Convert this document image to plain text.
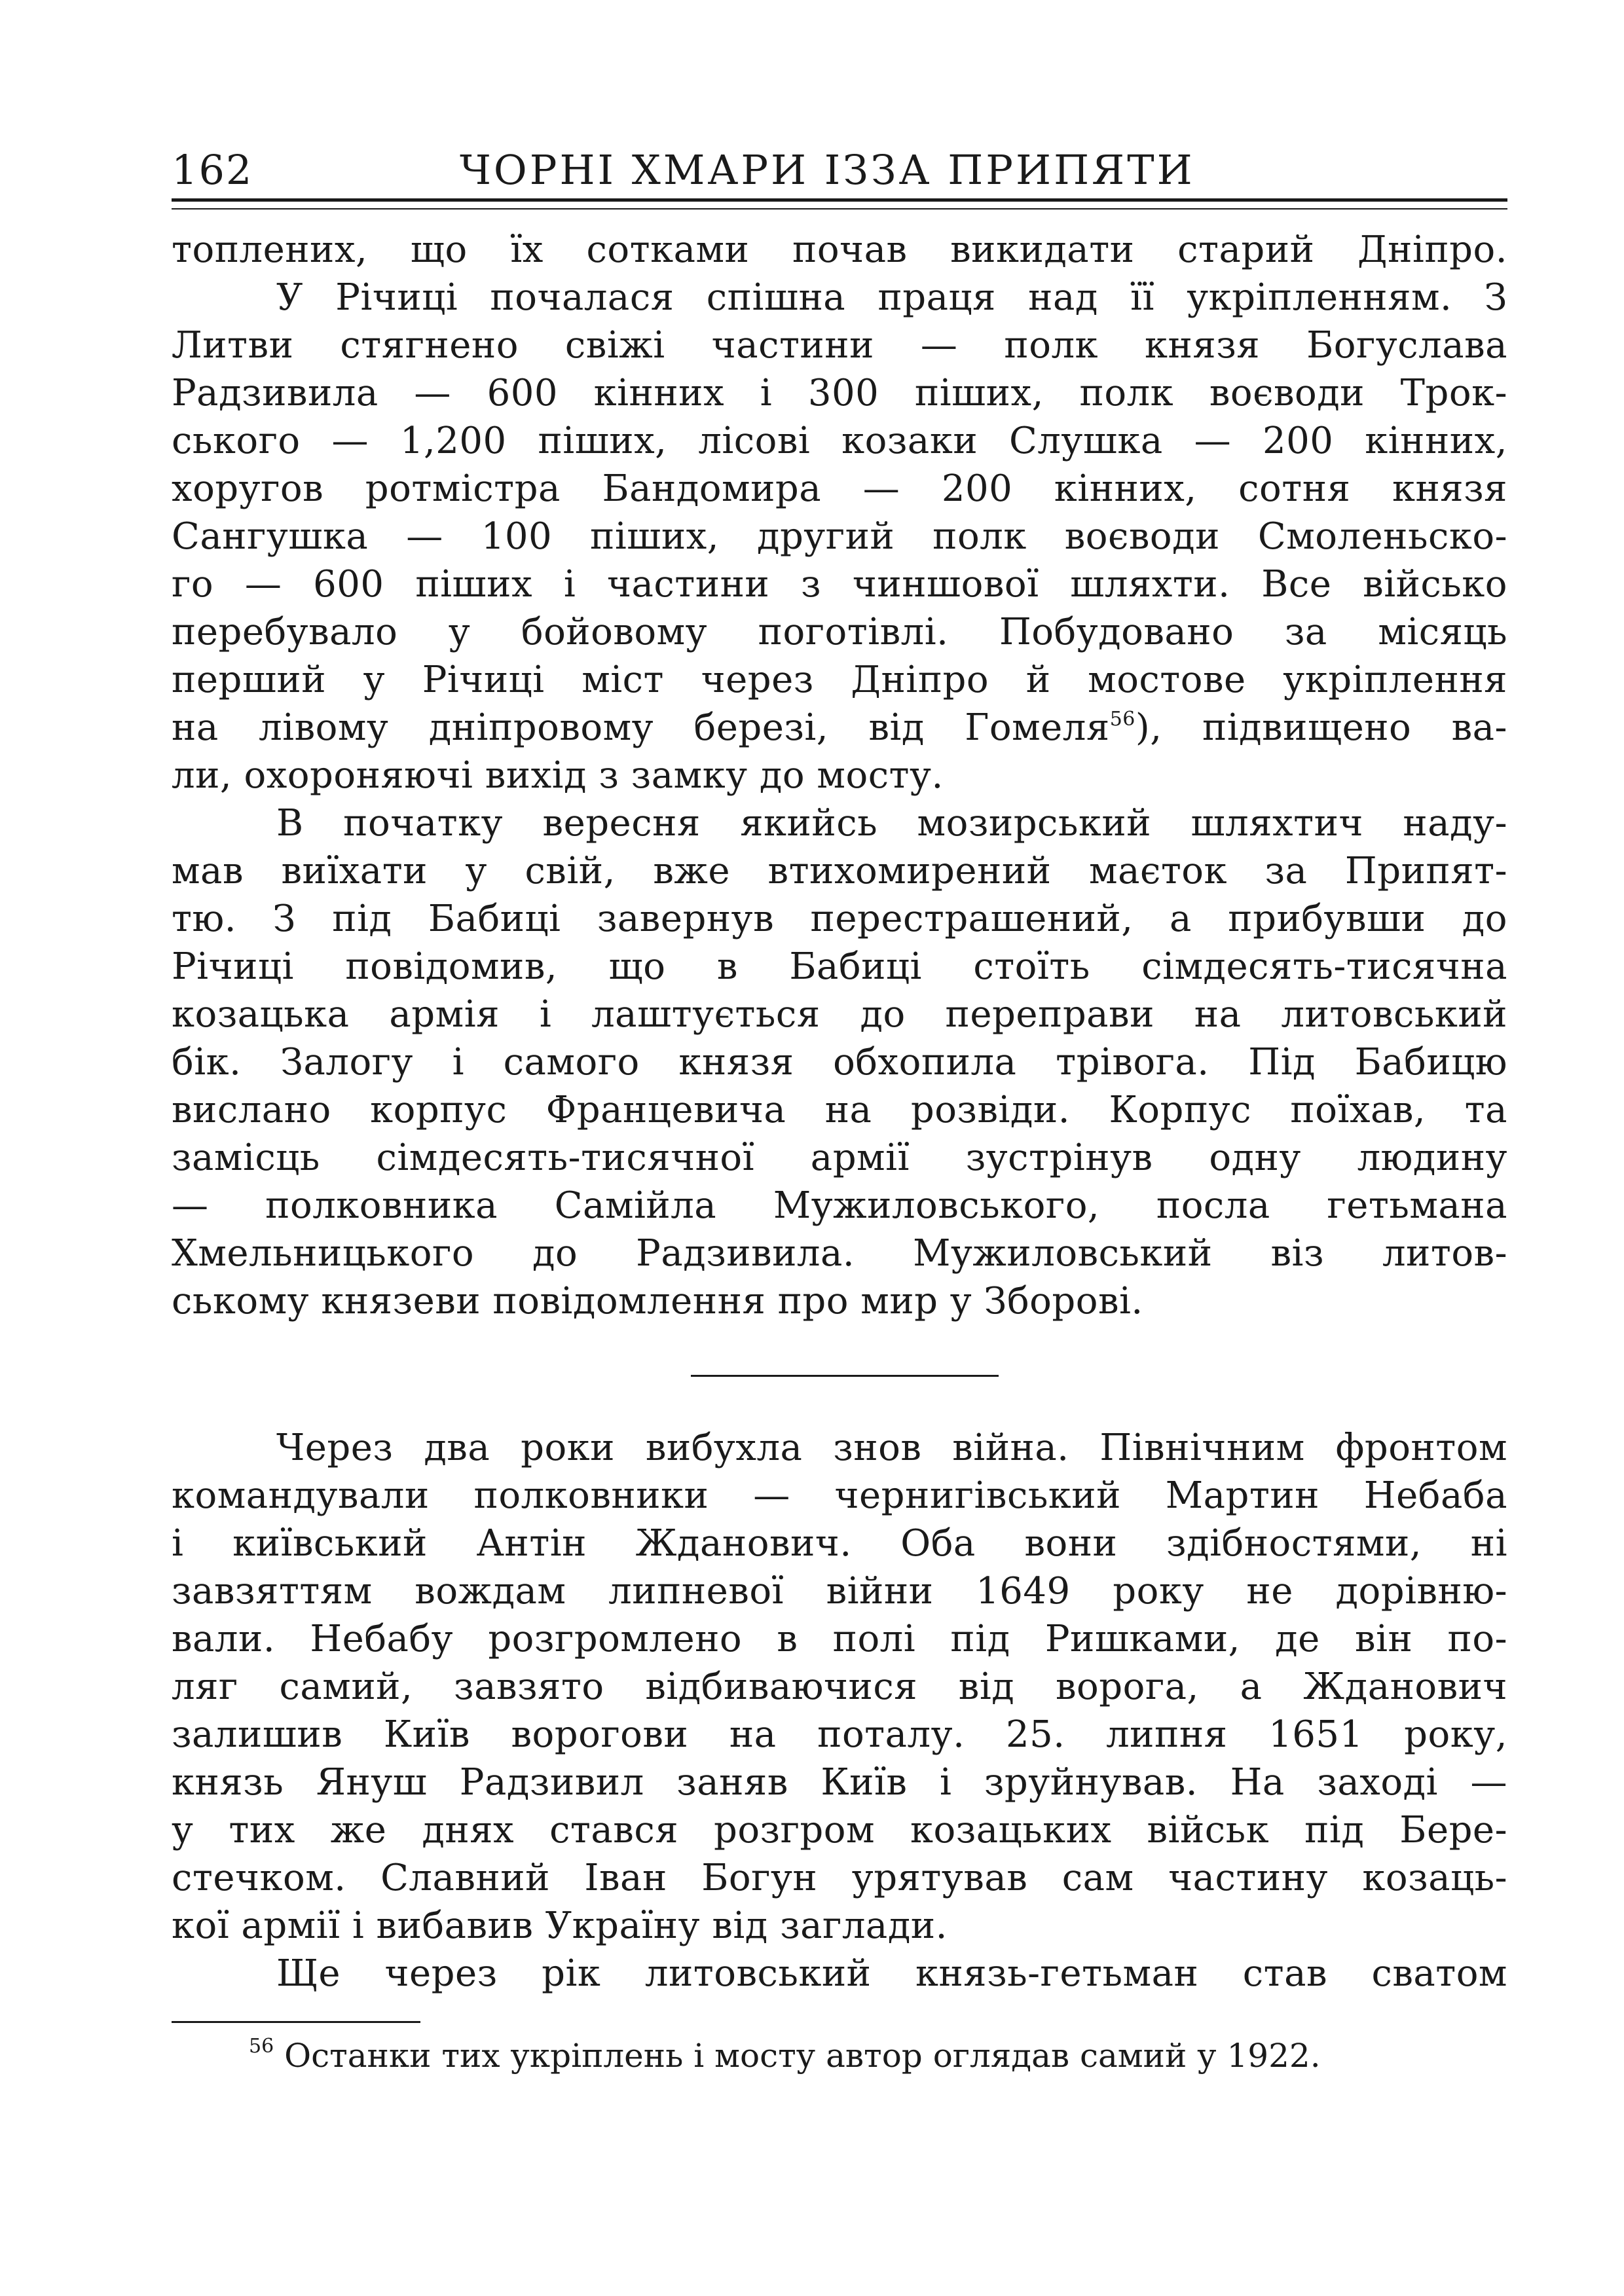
162	ЧОРНІ ХМАРИ ІЗЗА ПРИПЯТИ
топлених, що їх сотками почав викидати старий Дніпро.
У Річиці почалася спішна праця над її укріпленням. З
Литви стягнено свіжі частини — полк князя Богуслава
Радзивила — 600 кінних і 300 піших, полк воєводи Трок-
ського — 1,200 піших, лісові козаки Слушка — 200 кінних,
хоругов ротмістра Бандомира — 200 кінних, сотня князя
Сангушка — 100 піших, другий полк воєводи Смоленьско-
го — 600 піших і частини з чиншової шляхти. Все військо
перебувало у бойовому поготівлі. Побудовано за місяць
перший у Річиці міст через Дніпро й мостове укріплення
на лівому дніпровому березі, від Гомеля$^{56}$), підвищено ва-
ли, охороняючі вихід з замку до мосту.
В початку вересня якийсь мозирський шляхтич наду-
мав виїхати у свій, вже втихомирений маєток за Припят-
тю. З під Бабиці завернув перестрашений, а прибувши до
Річиці повідомив, що в Бабиці стоїть сімдесять-тисячна
козацька армія і лаштується до переправи на литовський
бік. Залогу і самого князя обхопила трівога. Під Бабицю
вислано корпус Францевича на розвіди. Корпус поїхав, та
замісць сімдесять-тисячної армії зустрінув одну людину
— полковника Самійла Мужиловського, посла гетьмана
Хмельницького до Радзивила. Мужиловський віз литов-
ському князеви повідомлення про мир у Зборові.
Через два роки вибухла знов війна. Північним фронтом
командували полковники — чернигівський Мартин Небаба
і київський Антін Жданович. Оба вони здібностями, ні
завзяттям вождам липневої війни 1649 року не дорівню-
вали. Небабу розгромлено в полі під Ришками, де він по-
ляг самий, завзято відбиваючися від ворога, а Жданович
залишив Київ ворогови на поталу. 25. липня 1651 року,
князь Януш Радзивил заняв Київ і зруйнував. На заході —
у тих же днях стався розгром козацьких військ під Бере-
стечком. Славний Іван Богун урятував сам частину козаць-
кої армії і вибавив Україну від заглади.
Ще через рік литовський князь-гетьман став сватом
$^{56}$ Останки тих укріплень і мосту автор оглядав самий у 1922.
